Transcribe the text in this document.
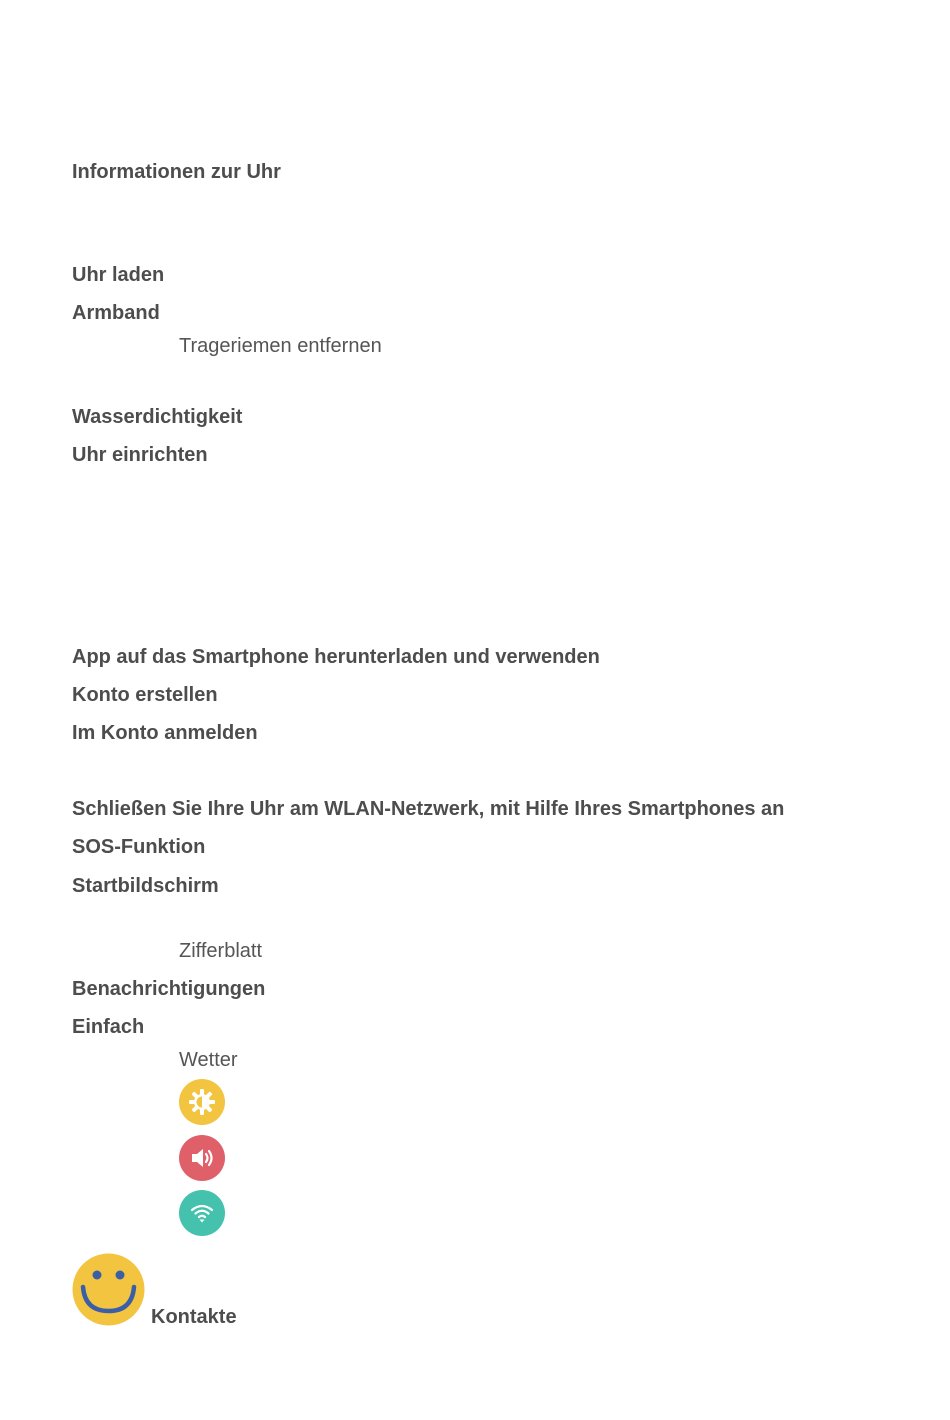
Informationen zur Uhr
Uhr laden
Armband
Trageriemen entfernen
Wasserdichtigkeit
Uhr einrichten
App auf das Smartphone herunterladen und verwenden
Konto erstellen
Im Konto anmelden
Schließen Sie Ihre Uhr am WLAN-Netzwerk, mit Hilfe Ihres Smartphones an
SOS-Funktion
Startbildschirm
Zifferblatt
Benachrichtigungen
Einfach
Wetter
Kontakte
